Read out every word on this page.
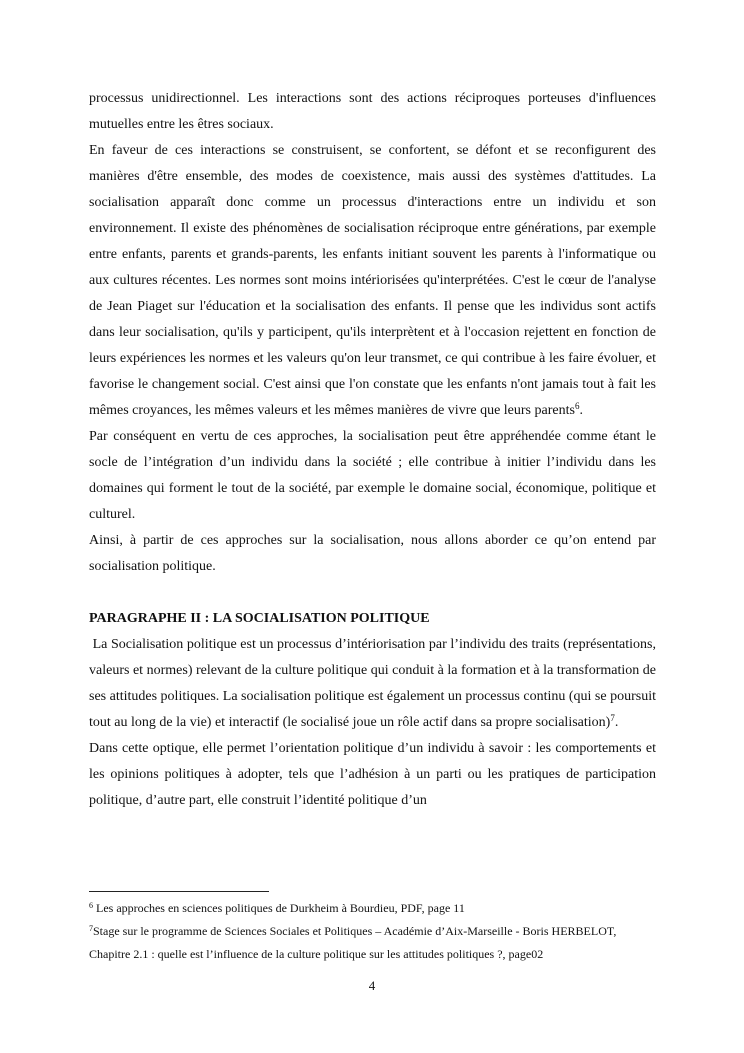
processus unidirectionnel. Les interactions sont des actions réciproques porteuses d'influences mutuelles entre les êtres sociaux.

En faveur de ces interactions se construisent, se confortent, se défont et se reconfigurent des manières d'être ensemble, des modes de coexistence, mais aussi des systèmes d'attitudes. La socialisation apparaît donc comme un processus d'interactions entre un individu et son environnement. Il existe des phénomènes de socialisation réciproque entre générations, par exemple entre enfants, parents et grands-parents, les enfants initiant souvent les parents à l'informatique ou aux cultures récentes. Les normes sont moins intériorisées qu'interprétées. C'est le cœur de l'analyse de Jean Piaget sur l'éducation et la socialisation des enfants. Il pense que les individus sont actifs dans leur socialisation, qu'ils y participent, qu'ils interprètent et à l'occasion rejettent en fonction de leurs expériences les normes et les valeurs qu'on leur transmet, ce qui contribue à les faire évoluer, et favorise le changement social. C'est ainsi que l'on constate que les enfants n'ont jamais tout à fait les mêmes croyances, les mêmes valeurs et les mêmes manières de vivre que leurs parents$^6$.

Par conséquent en vertu de ces approches, la socialisation peut être appréhendée comme étant le socle de l’intégration d’un individu dans la société ; elle contribue à initier l’individu dans les domaines qui forment le tout de la société, par exemple le domaine social, économique, politique et culturel.

Ainsi, à partir de ces approches sur la socialisation, nous allons aborder ce qu’on entend par socialisation politique.

PARAGRAPHE II : LA SOCIALISATION POLITIQUE

La Socialisation politique est un processus d’intériorisation par l’individu des traits (représentations, valeurs et normes) relevant de la culture politique qui conduit à la formation et à la transformation de ses attitudes politiques. La socialisation politique est également un processus continu (qui se poursuit tout au long de la vie) et interactif (le socialisé joue un rôle actif dans sa propre socialisation)$^7$.

Dans cette optique, elle permet l’orientation politique d’un individu à savoir : les comportements et les opinions politiques à adopter, tels que l’adhésion à un parti ou les pratiques de participation politique, d’autre part, elle construit l’identité politique d’un

$^6$ Les approches en sciences politiques de Durkheim à Bourdieu, PDF, page 11

$^7$Stage sur le programme de Sciences Sociales et Politiques – Académie d’Aix-Marseille - Boris HERBELOT,

Chapitre 2.1 : quelle est l’influence de la culture politique sur les attitudes politiques ?, page02

4
